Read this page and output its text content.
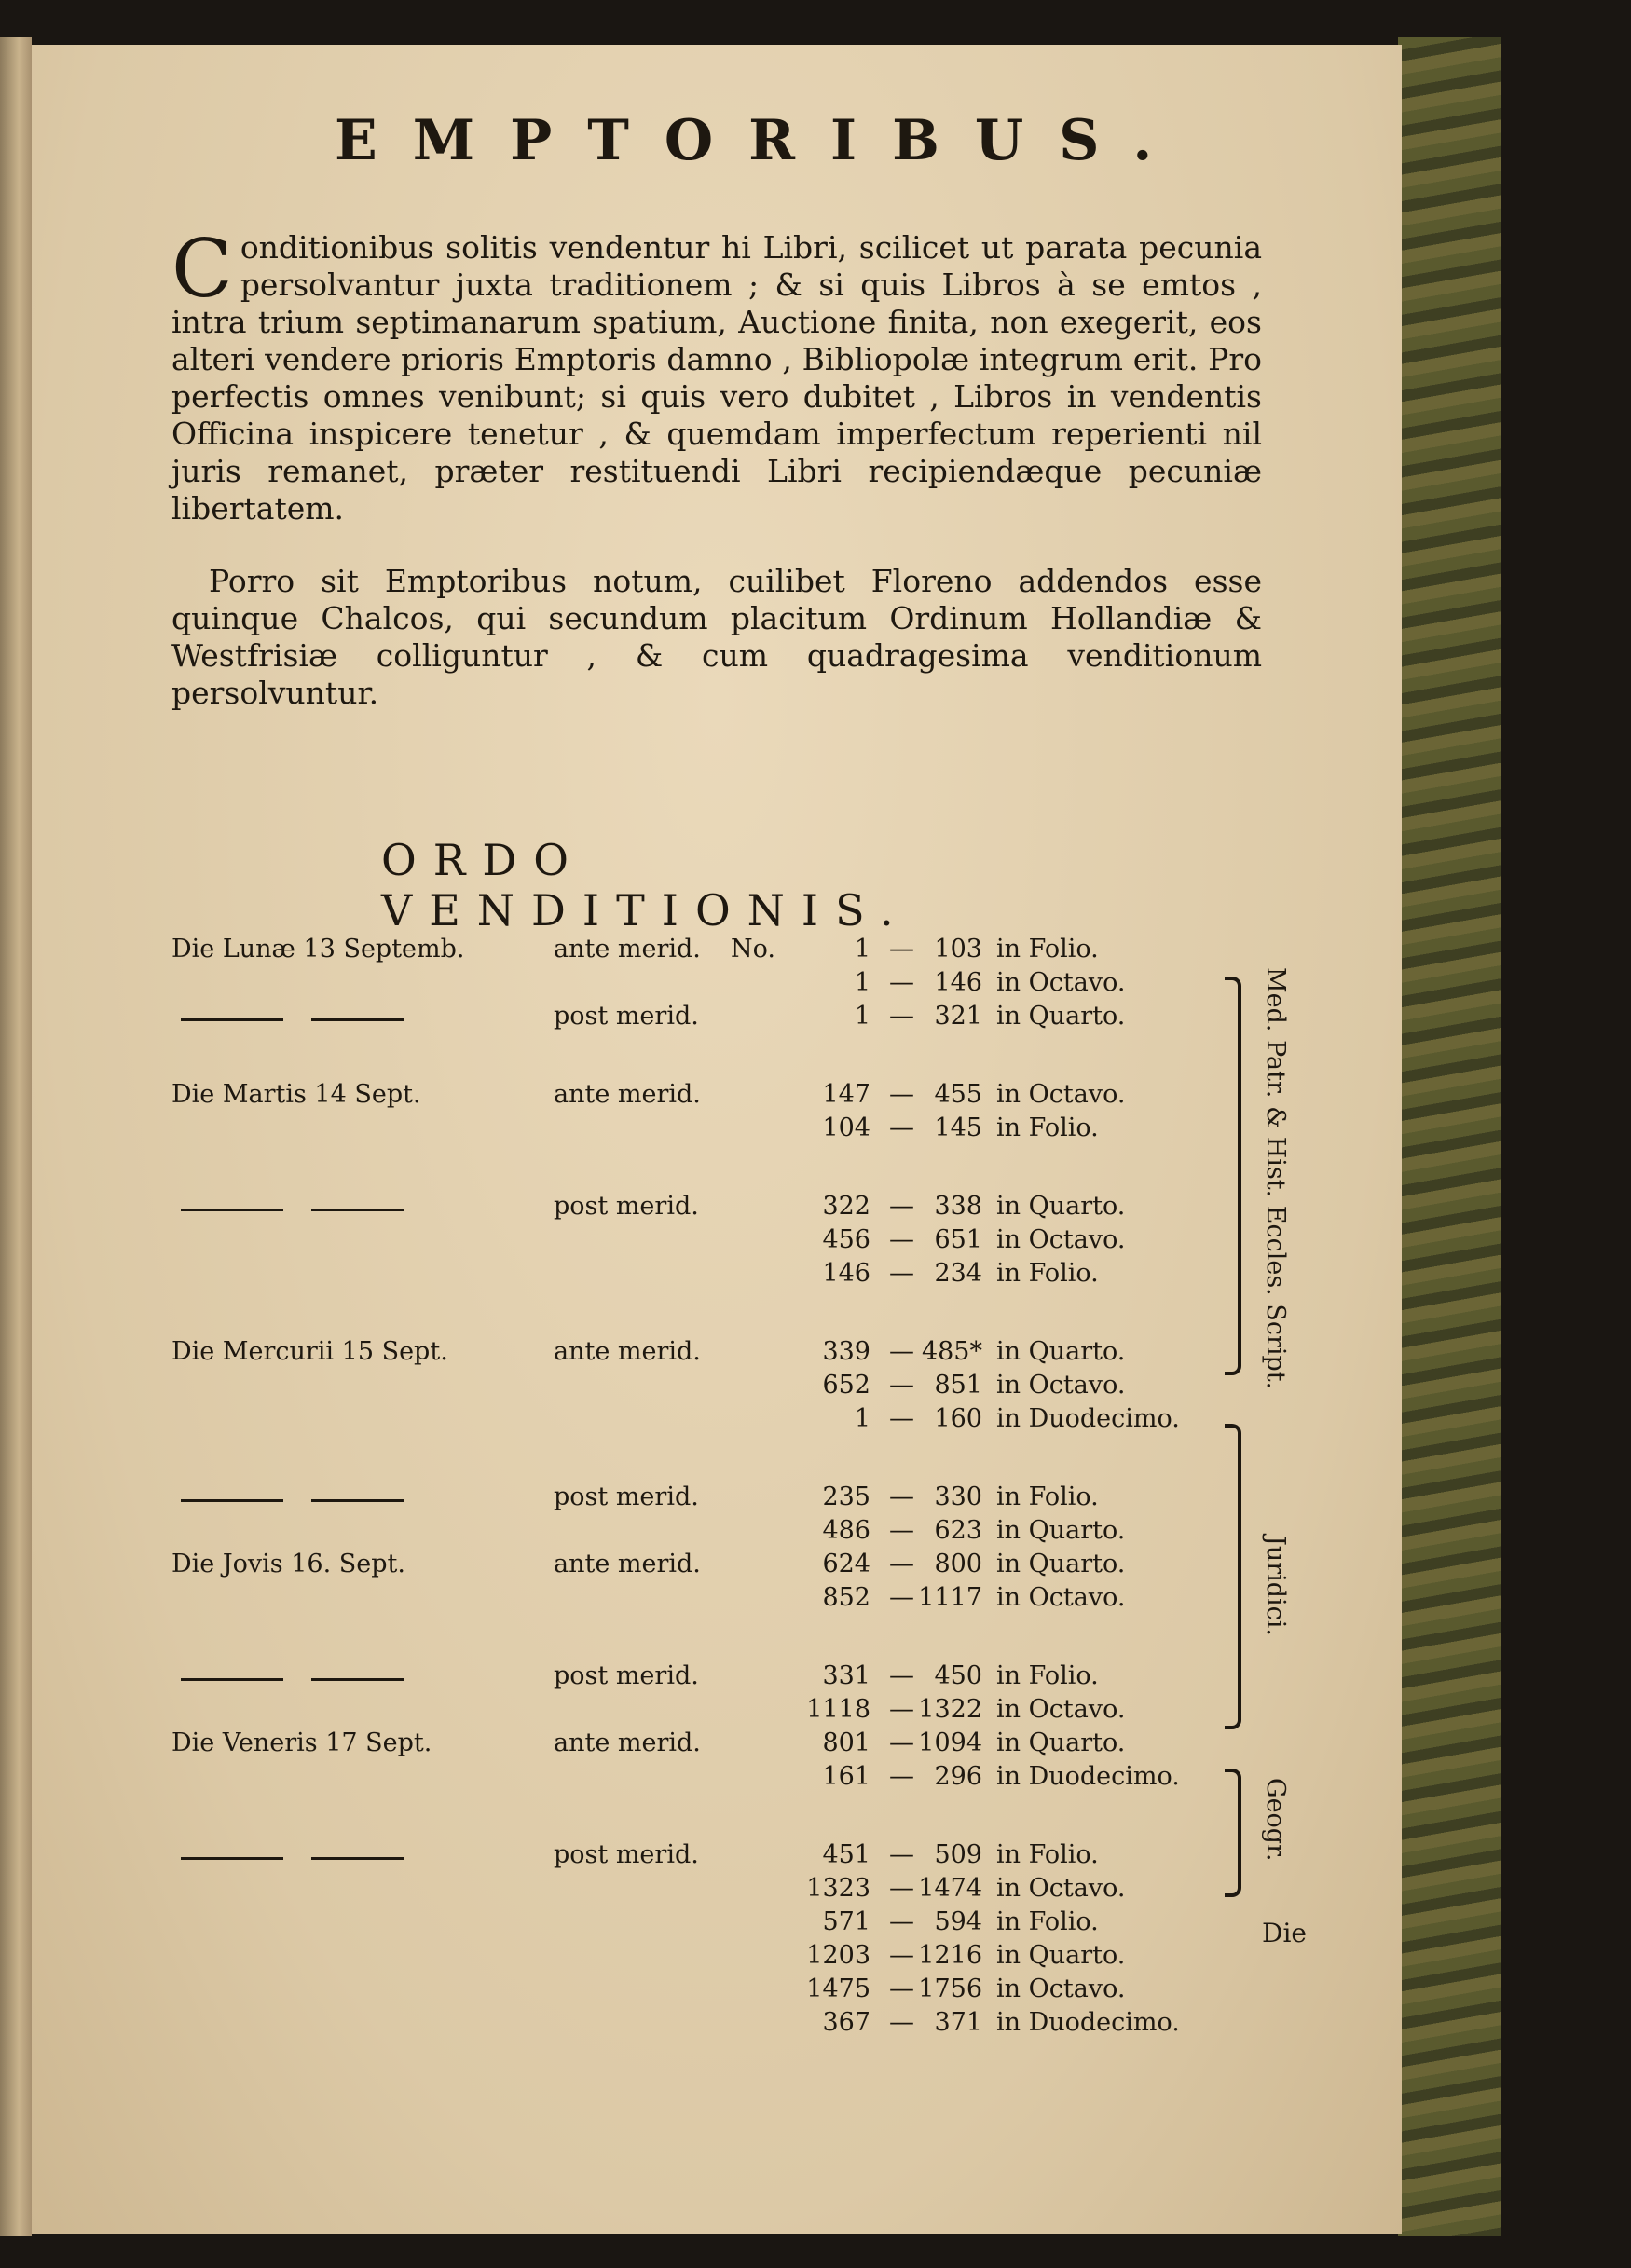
EMPTORIBUS.
Conditionibus solitis vendentur hi Libri, scilicet ut parata pecunia persolvantur juxta traditionem ; & si quis Libros à se emtos , intra trium septimanarum spatium, Auctione finita, non exegerit, eos alteri vendere prioris Emptoris damno , Bibliopolæ integrum erit. Pro perfectis omnes venibunt; si quis vero dubitet , Libros in vendentis Officina inspicere tenetur , & quemdam imperfectum reperienti nil juris remanet, præter restituendi Libri recipiendæque pecuniæ libertatem.
Porro sit Emptoribus notum, cuilibet Floreno addendos esse quinque Chalcos, qui secundum placitum Ordinum Hollandiæ & Westfrisiæ colliguntur , & cum quadragesima venditionum persolvuntur.
ORDO VENDITIONIS.
Die Lunæ 13 Septemb.	ante merid. No.	1 — 103 in Folio.
1 — 146 in Octavo.
post merid.	1 — 321 in Quarto.
Die Martis 14 Sept.	ante merid.	147 — 455 in Octavo.
104 — 145 in Folio.
post merid.	322 — 338 in Quarto.
456 — 651 in Octavo.
146 — 234 in Folio.
Die Mercurii 15 Sept.	ante merid.	339 — 485* in Quarto.
652 — 851 in Octavo.
1 — 160 in Duodecimo.
post merid.	235 — 330 in Folio.
486 — 623 in Quarto.
Die Jovis 16. Sept.	ante merid.	624 — 800 in Quarto.
852 — 1117 in Octavo.
post merid.	331 — 450 in Folio.
1118 — 1322 in Octavo.
Die Veneris 17 Sept.	ante merid.	801 — 1094 in Quarto.
161 — 296 in Duodecimo.
post merid.	451 — 509 in Folio.
1323 — 1474 in Octavo.
571 — 594 in Folio.
1203 — 1216 in Quarto.
1475 — 1756 in Octavo.
367 — 371 in Duodecimo.
Med. Patr. & Hist. Eccles. Script.
Juridici.
Geogr.
Die
